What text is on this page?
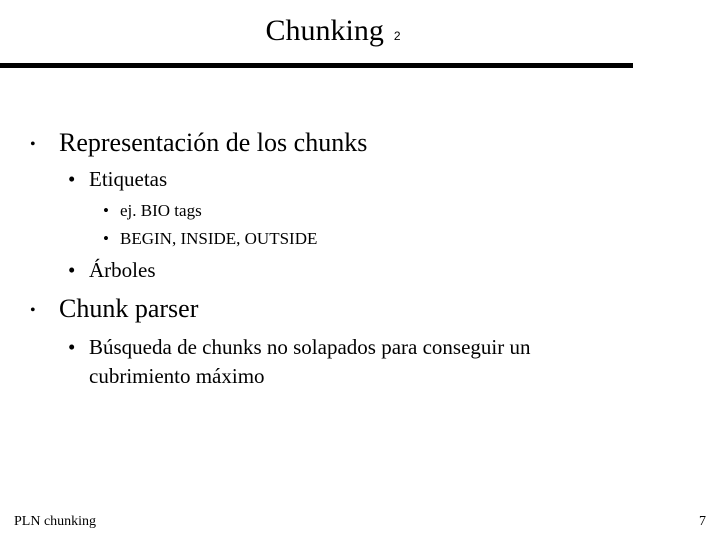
Chunking 2
• Representación de los chunks
• Etiquetas
• ej. BIO tags
• BEGIN, INSIDE, OUTSIDE
• Árboles
• Chunk parser
• Búsqueda de chunks no solapados para conseguir un
cubrimiento máximo
PLN chunking	7
